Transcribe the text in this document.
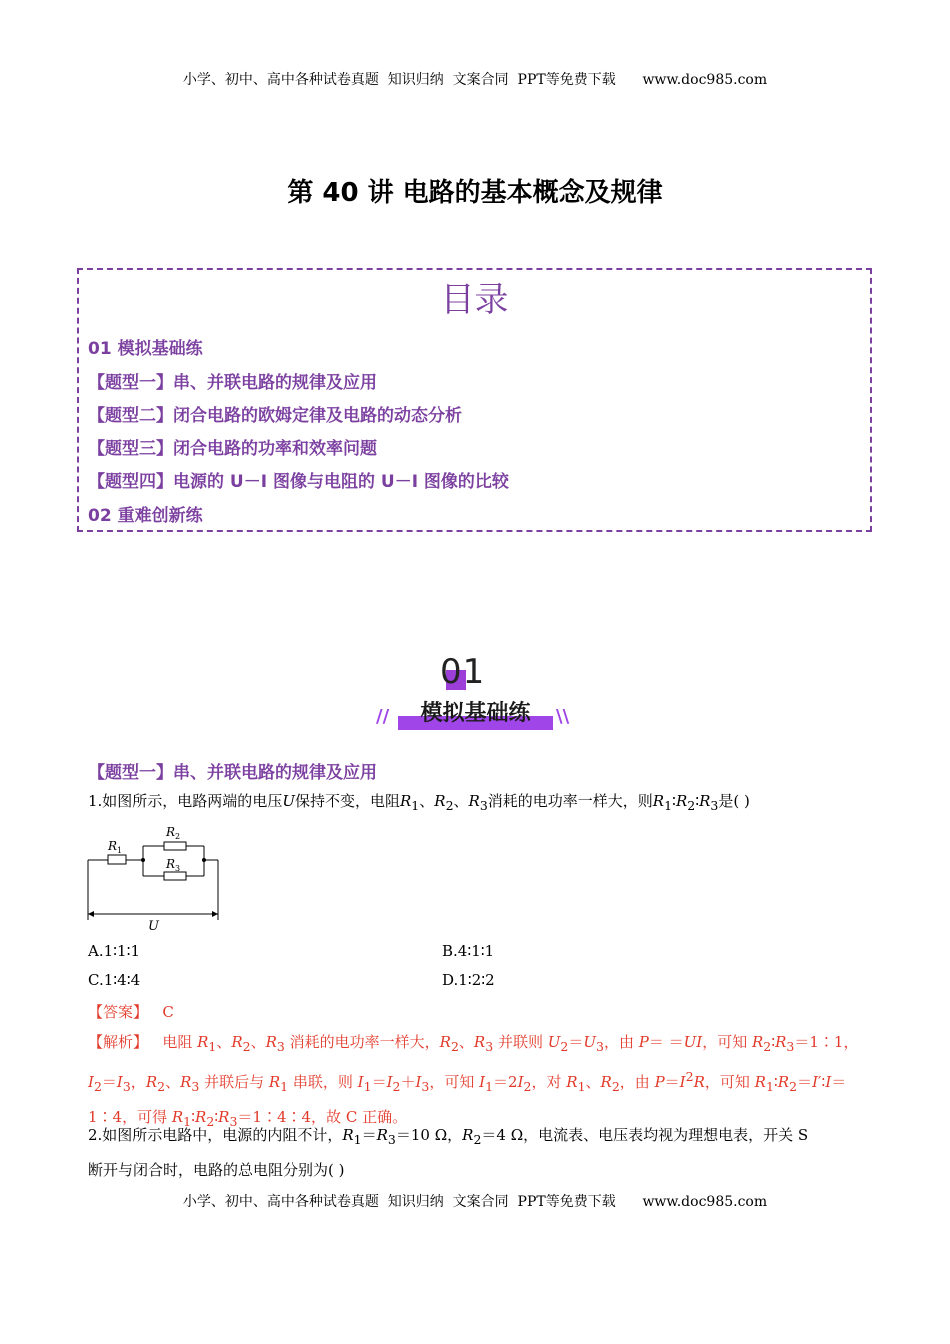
小学、初中、高中各种试卷真题  知识归纳  文案合同  PPT等免费下载      www.doc985.com
第 40 讲 电路的基本概念及规律
目录
01 模拟基础练
【题型一】串、并联电路的规律及应用
【题型二】闭合电路的欧姆定律及电路的动态分析
【题型三】闭合电路的功率和效率问题
【题型四】电源的 U－I 图像与电阻的 U－I 图像的比较
02 重难创新练
01
//	\\
模拟基础练
【题型一】串、并联电路的规律及应用
1.如图所示，电路两端的电压U保持不变，电阻$R_1$、$R_2$、$R_3$消耗的电功率一样大，则$R_1∶R_2∶R_3$是( )
R 1
R 2
R 3
U
A.1∶1∶1	B.4∶1∶1
C.1∶4∶4	D.1∶2∶2
【答案】 C
【解析】   电阻 $R_1$、$R_2$、$R_3$ 消耗的电功率一样大，$R_2$、$R_3$ 并联则 $U_2=U_3$，由 P＝ ＝UI，可知 $R_2∶R_3=1∶1$，$I_2=I_3$，$R_2$、$R_3$ 并联后与 $R_1$ 串联，则 $I_1=I_2+I_3$，可知 $I_1=2I_2$，对 $R_1$、$R_2$，由 $P=I^2R$，可知 $R_1∶R_2=I'∶I=1∶4$，可得 $R_1∶R_2∶R_3=1∶4∶4$，故 C 正确。
2.如图所示电路中，电源的内阻不计，$R_1=R_3=10$ Ω，$R_2=4$ Ω，电流表、电压表均视为理想电表，开关 S
断开与闭合时，电路的总电阻分别为( )
小学、初中、高中各种试卷真题  知识归纳  文案合同  PPT等免费下载      www.doc985.com
